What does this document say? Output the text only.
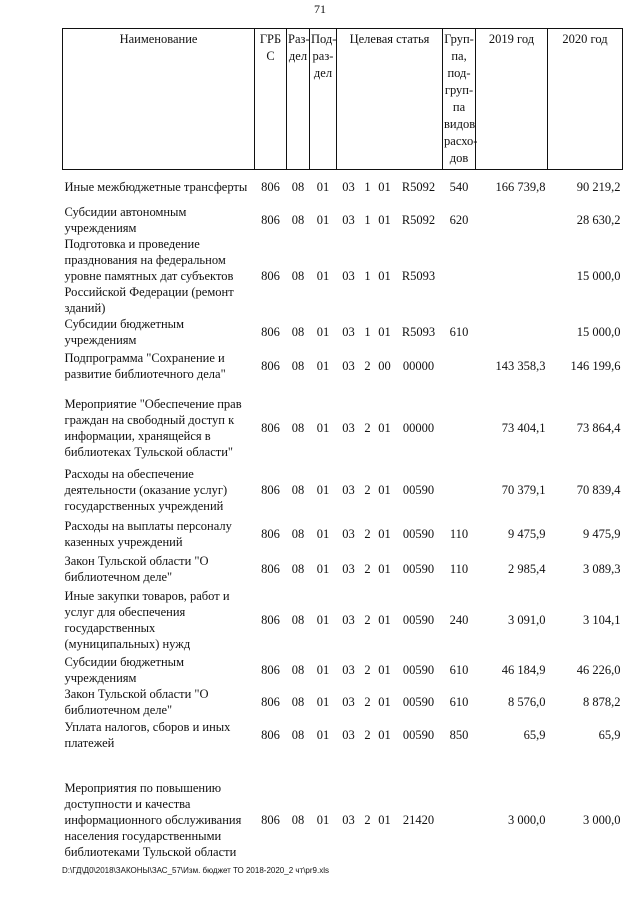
71
Наименование	ГРБ С	Раз- дел	Под- раз- дел	Целевая статья				Груп- па, под- груп- па видов расхо- дов	2019 год	2020 год
Иные межбюджетные трансферты	806	08	01	03	1	01	R5092	540	166 739,8	90 219,2
Субсидии автономным учреждениям	806	08	01	03	1	01	R5092	620		28 630,2
Подготовка и проведение празднования на федеральном уровне памятных дат субъектов Российской Федерации (ремонт зданий)	806	08	01	03	1	01	R5093			15 000,0
Субсидии бюджетным учреждениям	806	08	01	03	1	01	R5093	610		15 000,0
Подпрограмма "Сохранение и развитие библиотечного дела"	806	08	01	03	2	00	00000		143 358,3	146 199,6
Мероприятие "Обеспечение прав граждан на свободный доступ к информации, хранящейся в библиотеках Тульской области"	806	08	01	03	2	01	00000		73 404,1	73 864,4
Расходы на обеспечение деятельности (оказание услуг) государственных учреждений	806	08	01	03	2	01	00590		70 379,1	70 839,4
Расходы на выплаты персоналу казенных учреждений	806	08	01	03	2	01	00590	110	9 475,9	9 475,9
Закон Тульской области "О библиотечном деле"	806	08	01	03	2	01	00590	110	2 985,4	3 089,3
Иные закупки товаров, работ и услуг для обеспечения государственных (муниципальных) нужд	806	08	01	03	2	01	00590	240	3 091,0	3 104,1
Субсидии бюджетным учреждениям	806	08	01	03	2	01	00590	610	46 184,9	46 226,0
Закон Тульской области "О библиотечном деле"	806	08	01	03	2	01	00590	610	8 576,0	8 878,2
Уплата налогов, сборов и иных платежей	806	08	01	03	2	01	00590	850	65,9	65,9
Мероприятия по повышению доступности и качества информационного обслуживания населения государственными библиотеками Тульской области	806	08	01	03	2	01	21420		3 000,0	3 000,0
D:\ГД\Д0\2018\ЗАКОНЫ\ЗАС_57\Изм. бюджет ТО 2018-2020_2 чт\pr9.xls
